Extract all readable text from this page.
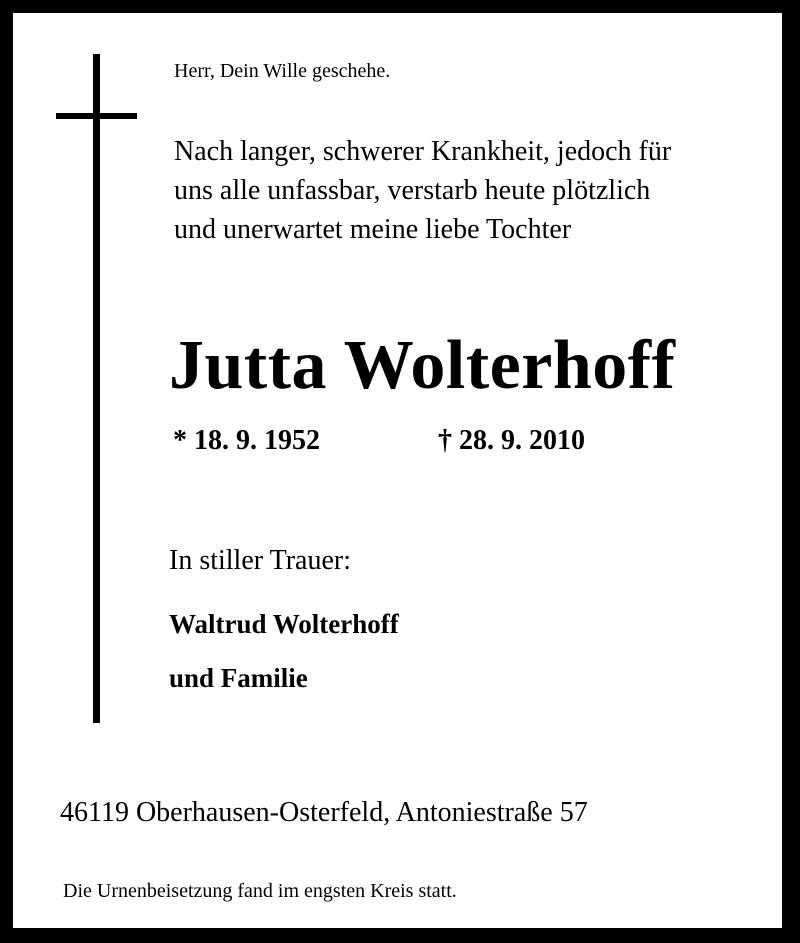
Herr, Dein Wille geschehe.

Nach langer, schwerer Krankheit, jedoch für
uns alle unfassbar, verstarb heute plötzlich
und unerwartet meine liebe Tochter

Jutta Wolterhoff

* 18. 9. 1952	† 28. 9. 2010

In stiller Trauer:

Waltrud Wolterhoff

und Familie

46119 Oberhausen-Osterfeld, Antoniestraße 57

Die Urnenbeisetzung fand im engsten Kreis statt.
